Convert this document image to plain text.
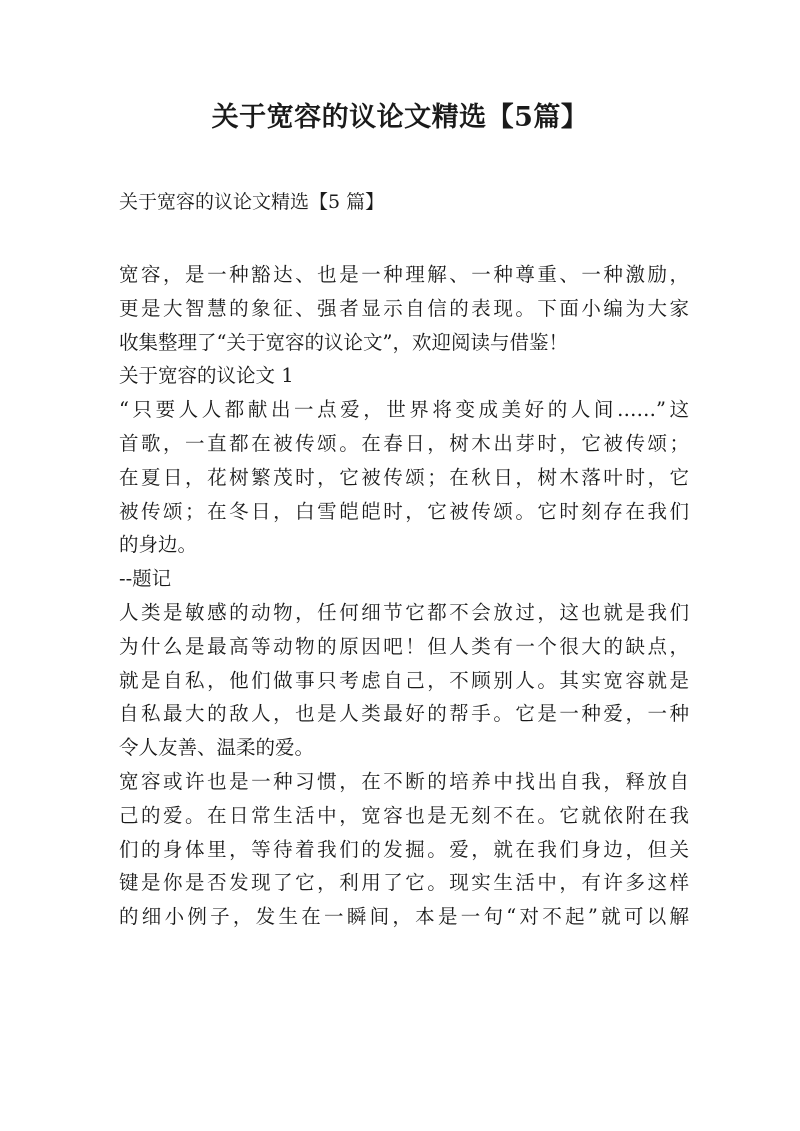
关于宽容的议论文精选【5篇】

关于宽容的议论文精选【5 篇】

宽容，是一种豁达、也是一种理解、一种尊重、一种激励，

更是大智慧的象征、强者显示自信的表现。下面小编为大家

收集整理了“关于宽容的议论文”，欢迎阅读与借鉴！

关于宽容的议论文 1

“只要人人都献出一点爱，世界将变成美好的人间……”这

首歌，一直都在被传颂。在春日，树木出芽时，它被传颂；

在夏日，花树繁茂时，它被传颂；在秋日，树木落叶时，它

被传颂；在冬日，白雪皑皑时，它被传颂。它时刻存在我们

的身边。

--题记

人类是敏感的动物，任何细节它都不会放过，这也就是我们

为什么是最高等动物的原因吧！但人类有一个很大的缺点，

就是自私，他们做事只考虑自己，不顾别人。其实宽容就是

自私最大的敌人，也是人类最好的帮手。它是一种爱，一种

令人友善、温柔的爱。

宽容或许也是一种习惯，在不断的培养中找出自我，释放自

己的爱。在日常生活中，宽容也是无刻不在。它就依附在我

们的身体里，等待着我们的发掘。爱，就在我们身边，但关

键是你是否发现了它，利用了它。现实生活中，有许多这样

的细小例子，发生在一瞬间，本是一句“对不起”就可以解
